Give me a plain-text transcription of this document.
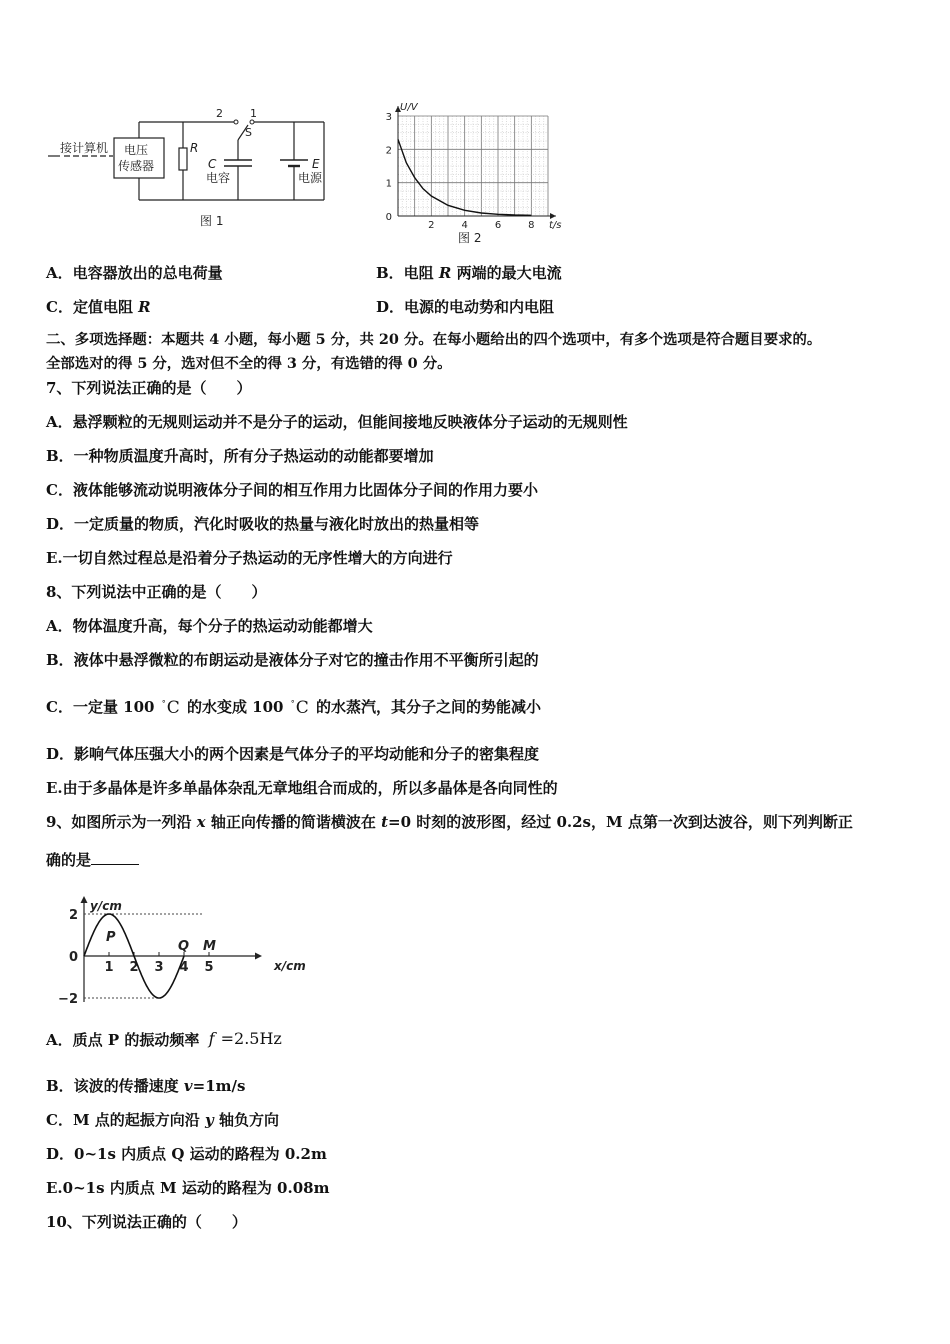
接计算机 电压
传感器
R
2 1
S
C
电容
E
电源
图 1
U/V
t/s
2	4	6	8
0
1
2
3
图 2
A．电容器放出的总电荷量	B．电阻 R 两端的最大电流
C．定值电阻 R	D．电源的电动势和内电阻
二、多项选择题：本题共 4 小题，每小题 5 分，共 20 分。在每小题给出的四个选项中，有多个选项是符合题目要求的。
全部选对的得 5 分，选对但不全的得 3 分，有选错的得 0 分。
7、下列说法正确的是（　　）
A．悬浮颗粒的无规则运动并不是分子的运动，但能间接地反映液体分子运动的无规则性
B．一种物质温度升高时，所有分子热运动的动能都要增加
C．液体能够流动说明液体分子间的相互作用力比固体分子间的作用力要小
D．一定质量的物质，汽化时吸收的热量与液化时放出的热量相等
E.一切自然过程总是沿着分子热运动的无序性增大的方向进行
8、下列说法中正确的是（　　）
A．物体温度升高，每个分子的热运动动能都增大
B．液体中悬浮微粒的布朗运动是液体分子对它的撞击作用不平衡所引起的
C．一定量 100 ° C 的水变成 100 ° C 的水蒸汽，其分子之间的势能减小
D．影响气体压强大小的两个因素是气体分子的平均动能和分子的密集程度
E.由于多晶体是许多单晶体杂乱无章地组合而成的，所以多晶体是各向同性的
9、如图所示为一列沿 x 轴正向传播的简谐横波在 t=0 时刻的波形图，经过 0.2s，M 点第一次到达波谷，则下列判断正
确的是
y/cm
x/cm
2
0
−2
1 2 3 4 5
P
Q M
A．质点 P 的振动频率 f =2.5Hz
B．该波的传播速度 v=1m/s
C．M 点的起振方向沿 y 轴负方向
D．0~1s 内质点 Q 运动的路程为 0.2m
E.0~1s 内质点 M 运动的路程为 0.08m
10、下列说法正确的（　　）
